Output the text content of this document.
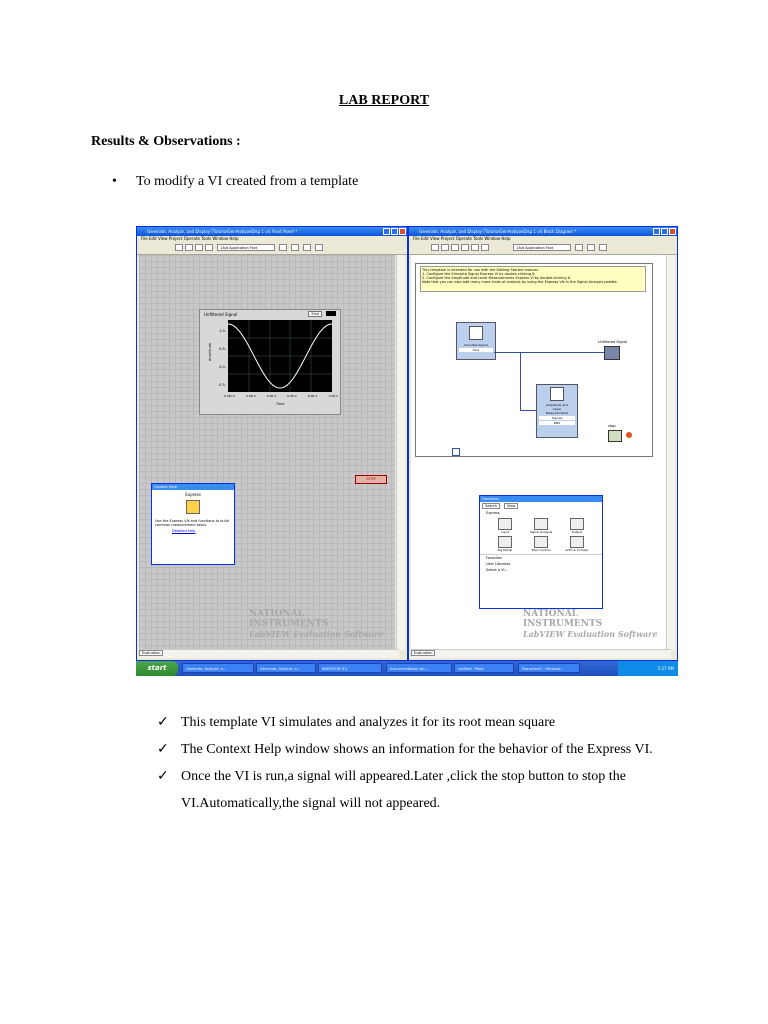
LAB REPORT
Results & Observations :
• To modify a VI created from a template
Generate, Analyze, and Display [TutorialGenAnalyzeDisp 1.vi] Front Panel *
File Edit View Project Operate Tools Window Help
13pt Application Font
Unfiltered Signal	Sine
1.0-
0.5-
0.0-
-0.5-
Amplitude
0.0E+0	2.0E-2	4.0E-2	6.0E-2	8.0E-2	1.0E-1
Time
STOP
Context Help
Express
Use the Express VIs and functions to build common measurement tasks.
Detailed help
NATIONAL
INSTRUMENTS
LabVIEW Evaluation Software
Evaluation
Generate, Analyze, and Display [TutorialGenAnalyzeDisp 1.vi] Block Diagram *
File Edit View Project Operate Tools Window Help
13pt Application Font
This template is intended for use with the Getting Started manual.
1. Configure the Simulate Signal Express VI by double-clicking it.
2. Configure the Amplitude and Level Measurements Express VI by double-clicking it.
Note that you can also add many more kinds of analysis by using the Express VIs in the Signal Analysis palette.
Simulate Signal
Sine
Unfiltered Signal
Amplitude and
Level
Measurements
Signals
RMS
stop
Functions
Search	View
Express
Input	Signal Analysis	Output
Sig Manip	Exec Control	Arith & Compar
Favorites
User Libraries
Select a VI...
NATIONAL
INSTRUMENTS
LabVIEW Evaluation Software
Evaluation
start	Generate, Analyze, a...	Generate, Analyze, a...	KINGSTON (F:)	Instrumentation lab -...	untitled - Paint	Document1 - Microsof...	5:27 AM
✓ This template VI simulates and analyzes it for its root mean square
✓ The Context Help window shows an information for the behavior of the Express VI.
✓ Once the VI is run,a signal will appeared.Later ,click the stop button to stop the VI.Automatically,the signal will not appeared.
